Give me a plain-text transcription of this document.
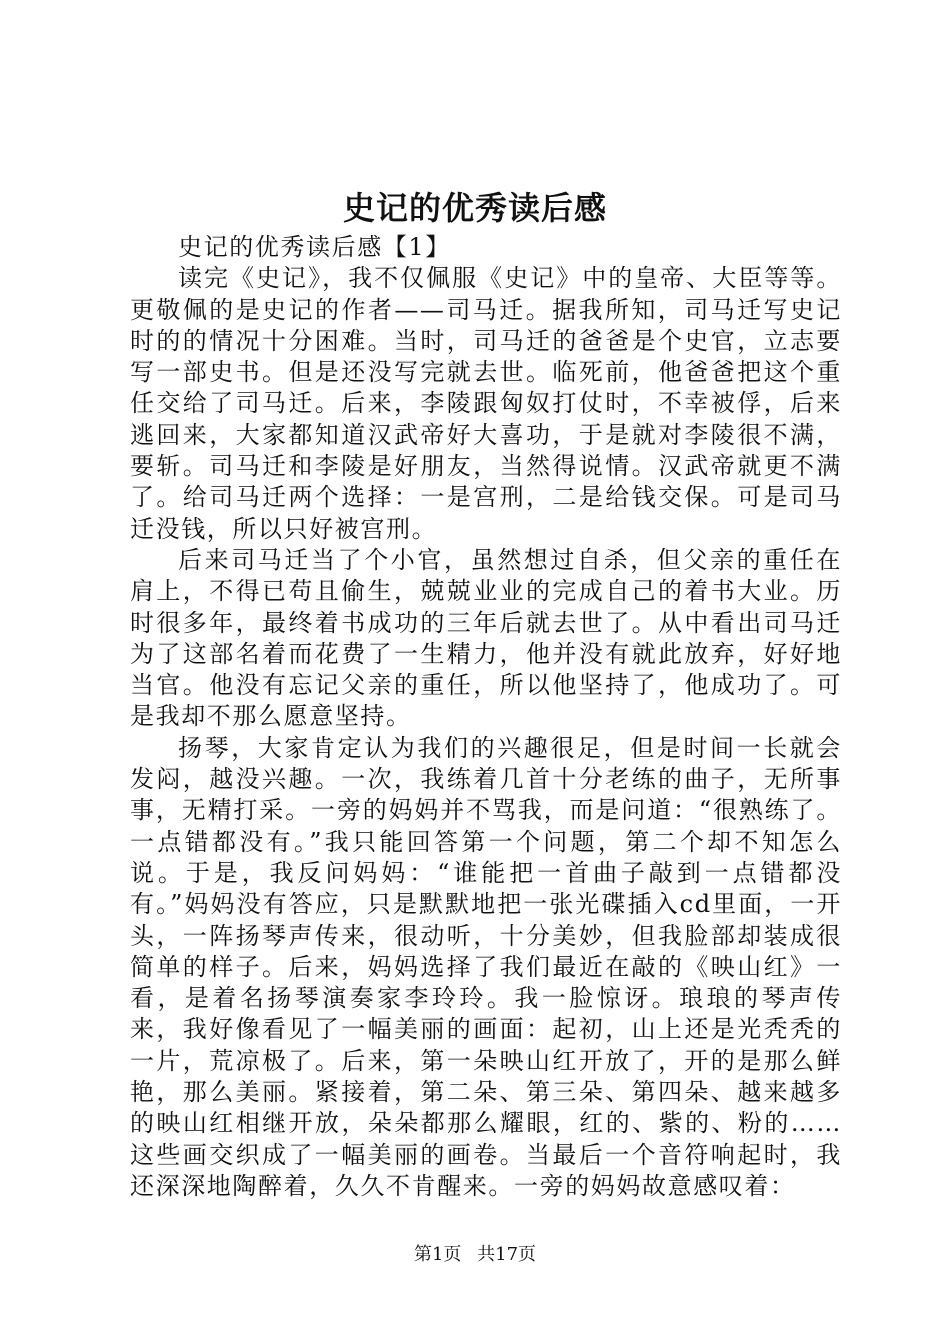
史记的优秀读后感

史记的优秀读后感【1】

读完《史记》，我不仅佩服《史记》中的皇帝、大臣等等。更敬佩的是史记的作者——司马迁。据我所知，司马迁写史记时的的情况十分困难。当时，司马迁的爸爸是个史官，立志要写一部史书。但是还没写完就去世。临死前，他爸爸把这个重任交给了司马迁。后来，李陵跟匈奴打仗时，不幸被俘，后来逃回来，大家都知道汉武帝好大喜功，于是就对李陵很不满，要斩。司马迁和李陵是好朋友，当然得说情。汉武帝就更不满了。给司马迁两个选择：一是宫刑，二是给钱交保。可是司马迁没钱，所以只好被宫刑。

后来司马迁当了个小官，虽然想过自杀，但父亲的重任在肩上，不得已苟且偷生，兢兢业业的完成自己的着书大业。历时很多年，最终着书成功的三年后就去世了。从中看出司马迁为了这部名着而花费了一生精力，他并没有就此放弃，好好地当官。他没有忘记父亲的重任，所以他坚持了，他成功了。可是我却不那么愿意坚持。

扬琴，大家肯定认为我们的兴趣很足，但是时间一长就会发闷，越没兴趣。一次，我练着几首十分老练的曲子，无所事事，无精打采。一旁的妈妈并不骂我，而是问道：“很熟练了。一点错都没有。”我只能回答第一个问题，第二个却不知怎么说。于是，我反问妈妈：“谁能把一首曲子敲到一点错都没有。”妈妈没有答应，只是默默地把一张光碟插入cd里面，一开头，一阵扬琴声传来，很动听，十分美妙，但我脸部却装成很简单的样子。后来，妈妈选择了我们最近在敲的《映山红》一看，是着名扬琴演奏家李玲玲。我一脸惊讶。琅琅的琴声传来，我好像看见了一幅美丽的画面：起初，山上还是光秃秃的一片，荒凉极了。后来，第一朵映山红开放了，开的是那么鲜艳，那么美丽。紧接着，第二朵、第三朵、第四朵、越来越多的映山红相继开放，朵朵都那么耀眼，红的、紫的、粉的……这些画交织成了一幅美丽的画卷。当最后一个音符响起时，我还深深地陶醉着，久久不肯醒来。一旁的妈妈故意感叹着：

第1页 共17页
